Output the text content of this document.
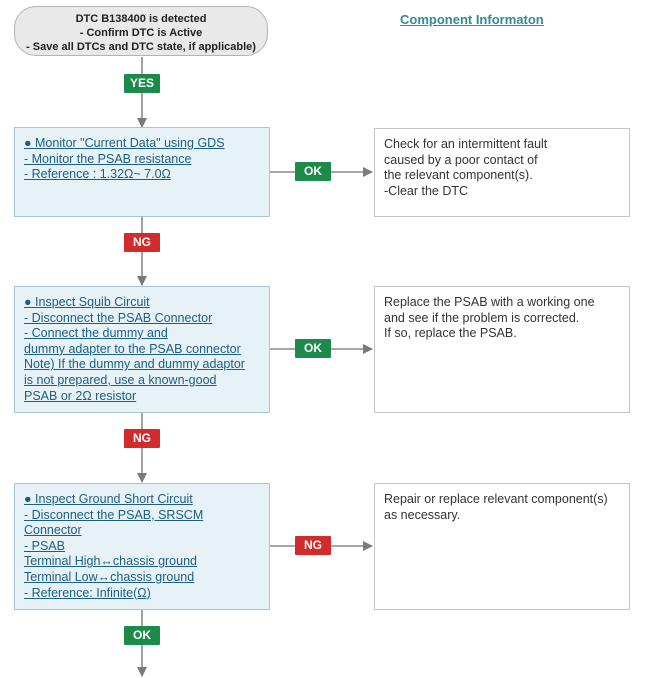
DTC B138400 is detected
- Confirm DTC is Active
- Save all DTCs and DTC state, if applicable)
Component Informaton
● Monitor "Current Data" using GDS
- Monitor the PSAB resistance
- Reference : 1.32Ω~ 7.0Ω
● Inspect Squib Circuit
- Disconnect the PSAB Connector
- Connect the dummy and
dummy adapter to the PSAB connector
Note) If the dummy and dummy adaptor
is not prepared, use a known-good
PSAB or 2Ω resistor
● Inspect Ground Short Circuit
- Disconnect the PSAB, SRSCM
Connector
- PSAB
Terminal High↔chassis ground
Terminal Low↔chassis ground
- Reference: Infinite(Ω)
Check for an intermittent fault
caused by a poor contact of
the relevant component(s).
-Clear the DTC
Replace the PSAB with a working one
and see if the problem is corrected.
If so, replace the PSAB.
Repair or replace relevant component(s)
as necessary.
YES
OK
NG
OK
NG
NG
OK
